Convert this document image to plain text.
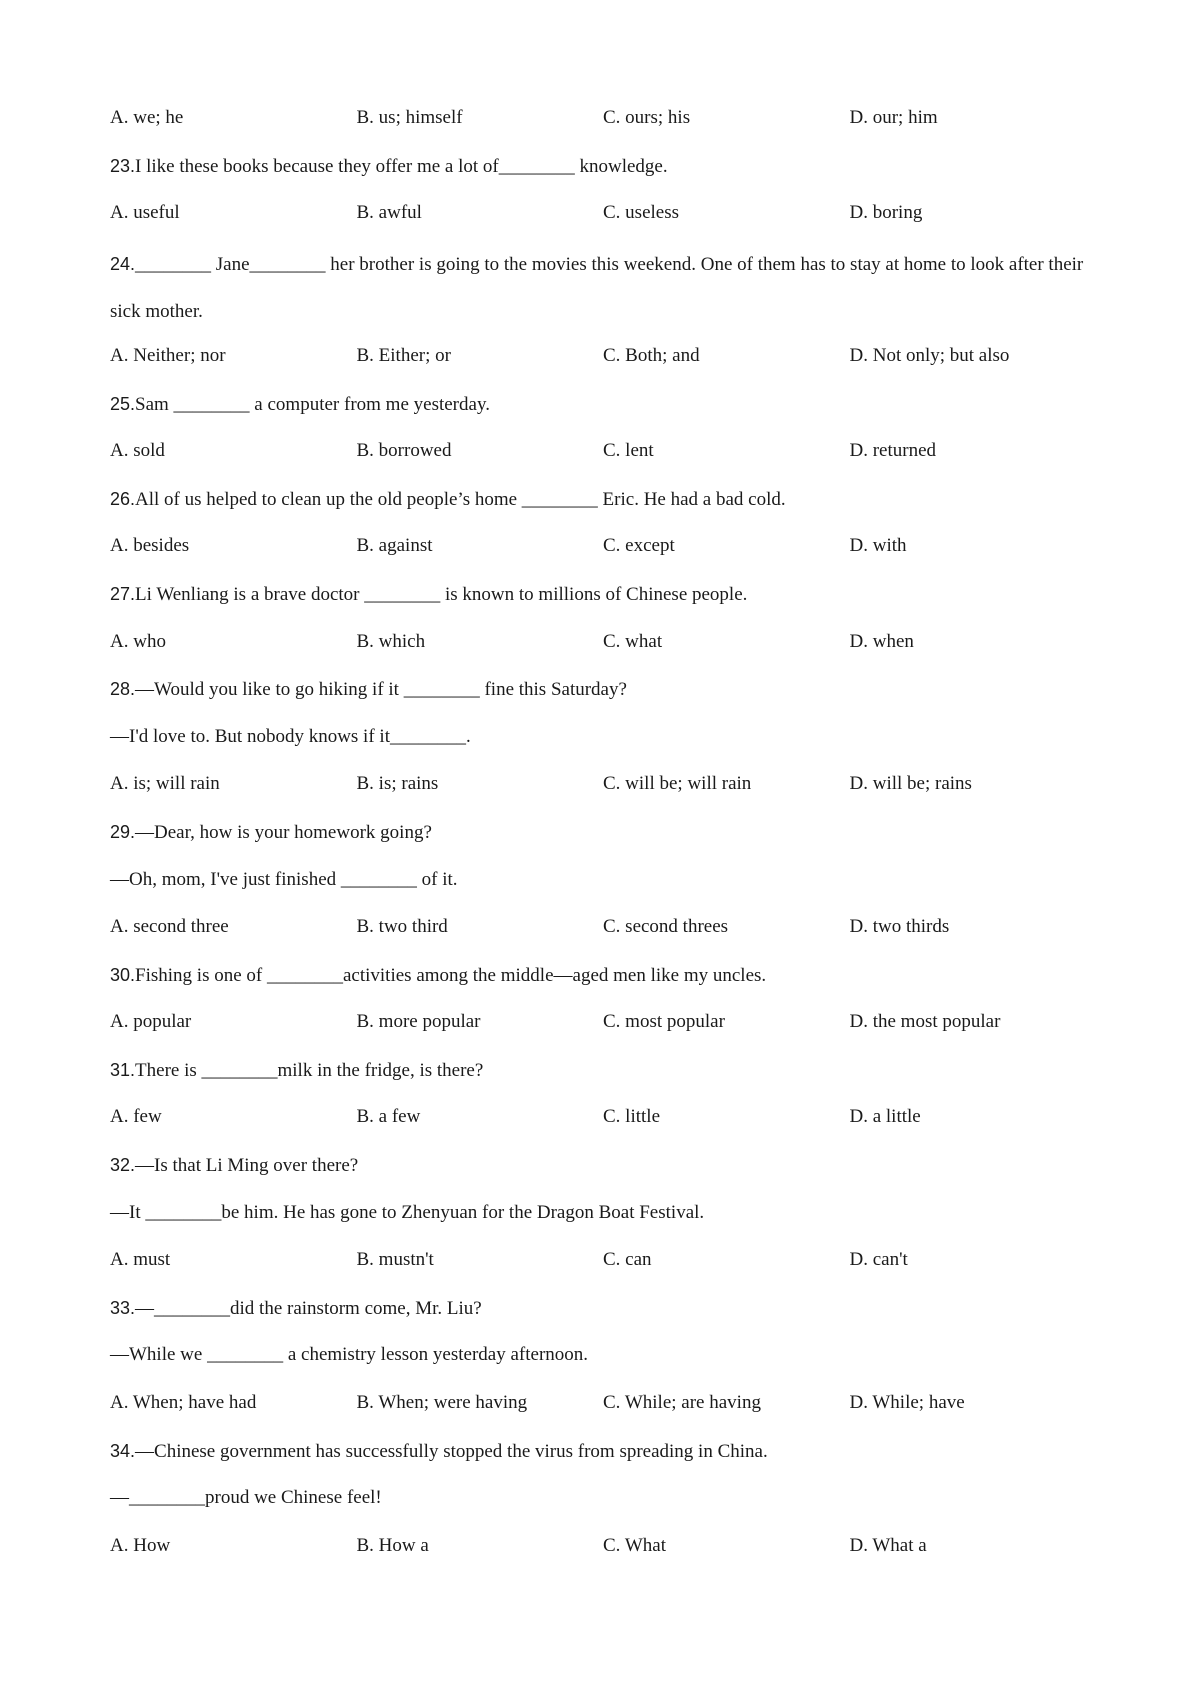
A. we; he	B. us; himself	C. ours; his	D. our; him
23.I like these books because they offer me a lot of________ knowledge.
A. useful	B. awful	C. useless	D. boring
24.________ Jane________ her brother is going to the movies this weekend. One of them has to stay at home to look after their sick mother.
A. Neither; nor	B. Either; or	C. Both; and	D. Not only; but also
25.Sam ________ a computer from me yesterday.
A. sold	B. borrowed	C. lent	D. returned
26.All of us helped to clean up the old people’s home ________ Eric. He had a bad cold.
A. besides	B. against	C. except	D. with
27.Li Wenliang is a brave doctor ________ is known to millions of Chinese people.
A. who	B. which	C. what	D. when
28.—Would you like to go hiking if it ________ fine this Saturday?
—I'd love to. But nobody knows if it________.
A. is; will rain	B. is; rains	C. will be; will rain	D. will be; rains
29.—Dear, how is your homework going?
—Oh, mom, I've just finished ________ of it.
A. second three	B. two third	C. second threes	D. two thirds
30.Fishing is one of ________activities among the middle—aged men like my uncles.
A. popular	B. more popular	C. most popular	D. the most popular
31.There is ________milk in the fridge, is there?
A. few	B. a few	C. little	D. a little
32.—Is that Li Ming over there?
—It ________be him. He has gone to Zhenyuan for the Dragon Boat Festival.
A. must	B. mustn't	C. can	D. can't
33.—________did the rainstorm come, Mr. Liu?
—While we ________ a chemistry lesson yesterday afternoon.
A. When; have had	B. When; were having	C. While; are having	D. While; have
34.—Chinese government has successfully stopped the virus from spreading in China.
—________proud we Chinese feel!
A. How	B. How a	C. What	D. What a
